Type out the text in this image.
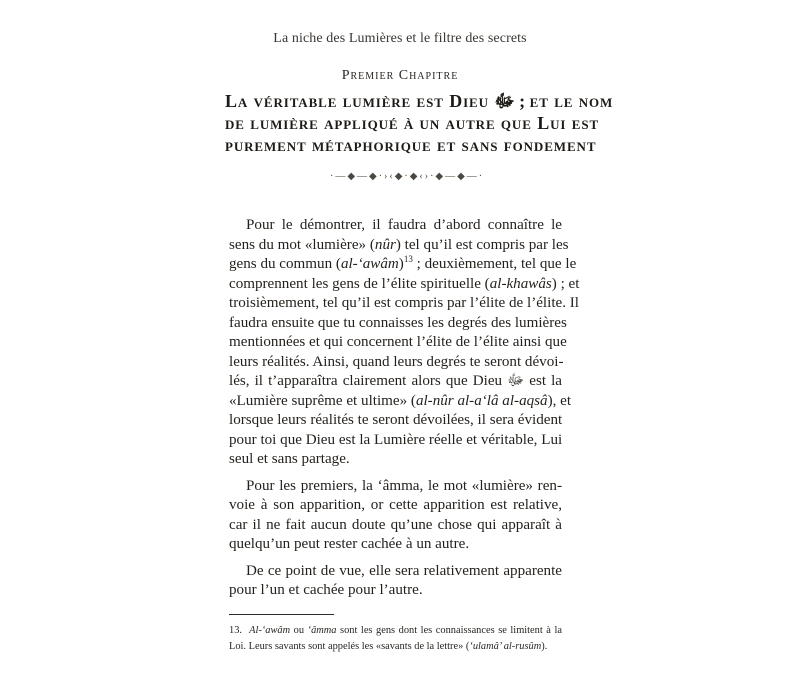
La niche des Lumières et le filtre des secrets
Premier Chapitre
La véritable lumière est Dieu ﷻ ; et le nom
de lumière appliqué à un autre que Lui est
purement métaphorique et sans fondement
·—◆—◆·›‹◆·◆‹›·◆—◆—·

Pour le démontrer, il faudra d’abord connaître le
sens du mot «lumière» (nûr) tel qu’il est compris par les
gens du commun (al-‘awâm)$^{13}$ ; deuxièmement, tel que le
comprennent les gens de l’élite spirituelle (al-khawâs) ; et
troisièmement, tel qu’il est compris par l’élite de l’élite. Il
faudra ensuite que tu connaisses les degrés des lumières
mentionnées et qui concernent l’élite de l’élite ainsi que
leurs réalités. Ainsi, quand leurs degrés te seront dévoi-
lés, il t’apparaîtra clairement alors que Dieu ﷻ est la
«Lumière suprême et ultime» (al-nûr al-a‘lâ al-aqsâ), et
lorsque leurs réalités te seront dévoilées, il sera évident
pour toi que Dieu est la Lumière réelle et véritable, Lui
seul et sans partage.

Pour les premiers, la ‘âmma, le mot «lumière» ren-
voie à son apparition, or cette apparition est relative,
car il ne fait aucun doute qu’une chose qui apparaît à
quelqu’un peut rester cachée à un autre.

De ce point de vue, elle sera relativement apparente
pour l’un et cachée pour l’autre.

13. Al-‘awâm ou ‘âmma sont les gens dont les connaissances se limitent à la
Loi. Leurs savants sont appelés les «savants de la lettre» (‘ulamâ’ al-rusûm).
